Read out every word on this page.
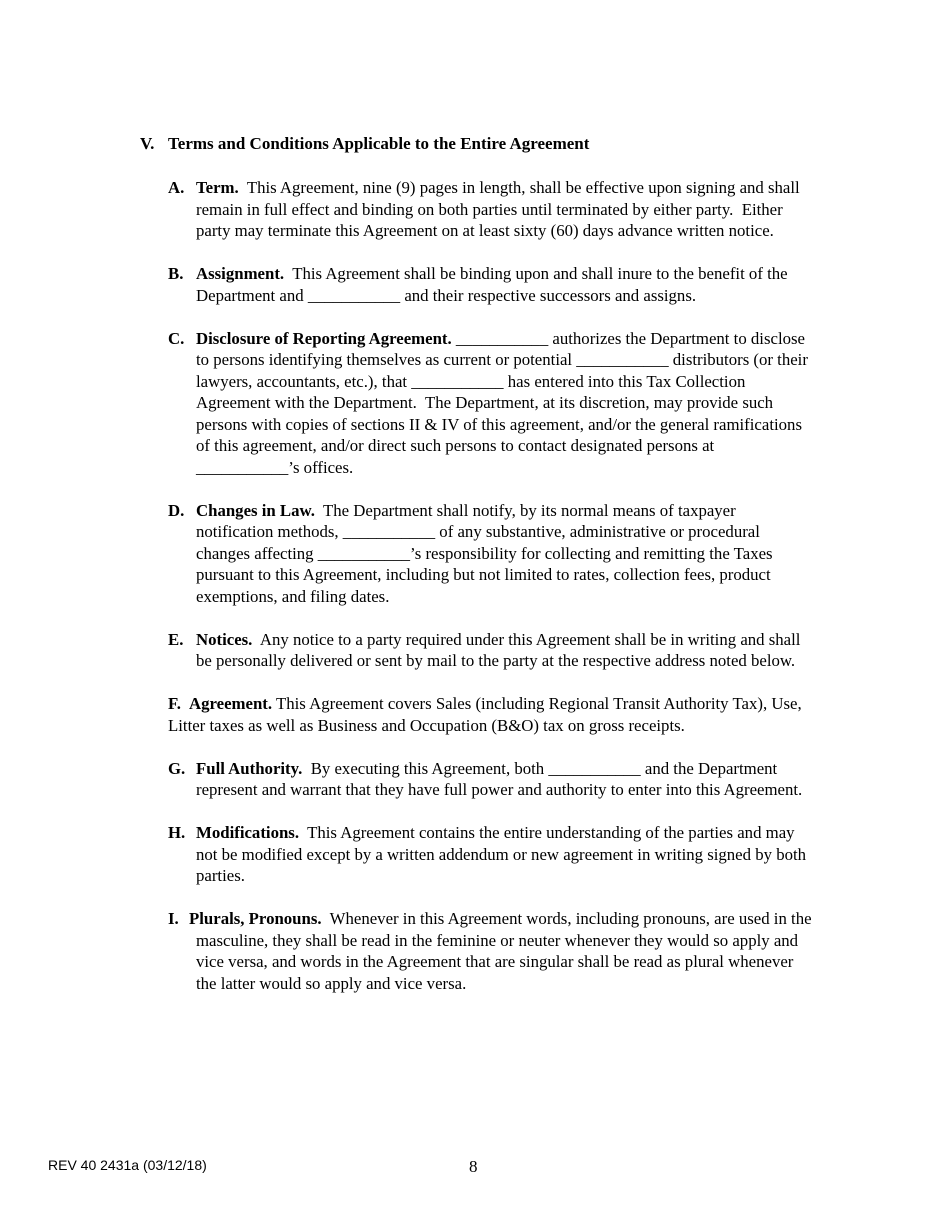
V. Terms and Conditions Applicable to the Entire Agreement

A. Term.  This Agreement, nine (9) pages in length, shall be effective upon signing and shall remain in full effect and binding on both parties until terminated by either party.  Either party may terminate this Agreement on at least sixty (60) days advance written notice.

B. Assignment.  This Agreement shall be binding upon and shall inure to the benefit of the Department and ___________ and their respective successors and assigns.

C. Disclosure of Reporting Agreement. ___________ authorizes the Department to disclose to persons identifying themselves as current or potential ___________ distributors (or their lawyers, accountants, etc.), that ___________ has entered into this Tax Collection Agreement with the Department.  The Department, at its discretion, may provide such persons with copies of sections II & IV of this agreement, and/or the general ramifications of this agreement, and/or direct such persons to contact designated persons at ___________’s offices.

D. Changes in Law.  The Department shall notify, by its normal means of taxpayer notification methods, ___________ of any substantive, administrative or procedural changes affecting ___________’s responsibility for collecting and remitting the Taxes pursuant to this Agreement, including but not limited to rates, collection fees, product exemptions, and filing dates.

E. Notices.  Any notice to a party required under this Agreement shall be in writing and shall be personally delivered or sent by mail to the party at the respective address noted below.

F. Agreement. This Agreement covers Sales (including Regional Transit Authority Tax), Use, Litter taxes as well as Business and Occupation (B&O) tax on gross receipts.

G. Full Authority.  By executing this Agreement, both ___________ and the Department represent and warrant that they have full power and authority to enter into this Agreement.

H. Modifications.  This Agreement contains the entire understanding of the parties and may not be modified except by a written addendum or new agreement in writing signed by both parties.

I. Plurals, Pronouns.  Whenever in this Agreement words, including pronouns, are used in the masculine, they shall be read in the feminine or neuter whenever they would so apply and vice versa, and words in the Agreement that are singular shall be read as plural whenever the latter would so apply and vice versa.

REV 40 2431a (03/12/18)	8
